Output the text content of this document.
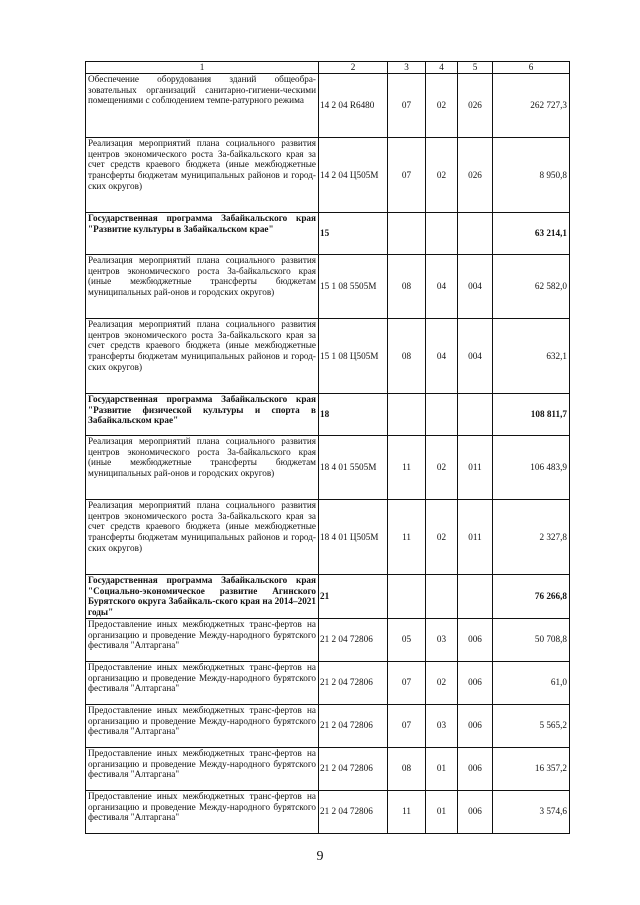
1	2	3	4	5	6
Обеспечение оборудования зданий общеобра-зовательных организаций санитарно-гигиени-ческими помещениями с соблюдением темпе-ратурного режима	14 2 04 R6480	07	02	026	262 727,3
Реализация мероприятий плана социального развития центров экономического роста За-байкальского края за счет средств краевого бюджета (иные межбюджетные трансферты бюджетам муниципальных районов и город-ских округов)	14 2 04 Ц505М	07	02	026	8 950,8
Государственная программа Забайкальского края "Развитие культуры в Забайкальском крае"	15				63 214,1
Реализация мероприятий плана социального развития центров экономического роста За-байкальского края (иные межбюджетные трансферты бюджетам муниципальных рай-онов и городских округов)	15 1 08 5505М	08	04	004	62 582,0
Реализация мероприятий плана социального развития центров экономического роста За-байкальского края за счет средств краевого бюджета (иные межбюджетные трансферты бюджетам муниципальных районов и город-ских округов)	15 1 08 Ц505М	08	04	004	632,1
Государственная программа Забайкальского края "Развитие физической культуры и спорта в Забайкальском крае"	18				108 811,7
Реализация мероприятий плана социального развития центров экономического роста За-байкальского края (иные межбюджетные трансферты бюджетам муниципальных рай-онов и городских округов)	18 4 01 5505М	11	02	011	106 483,9
Реализация мероприятий плана социального развития центров экономического роста За-байкальского края за счет средств краевого бюджета (иные межбюджетные трансферты бюджетам муниципальных районов и город-ских округов)	18 4 01 Ц505М	11	02	011	2 327,8
Государственная программа Забайкальского края "Социально-экономическое развитие Агинского Бурятского округа Забайкаль-ского края на 2014–2021 годы"	21				76 266,8
Предоставление иных межбюджетных транс-фертов на организацию и проведение Между-народного бурятского фестиваля "Алтаргана"	21 2 04 72806	05	03	006	50 708,8
Предоставление иных межбюджетных транс-фертов на организацию и проведение Между-народного бурятского фестиваля "Алтаргана"	21 2 04 72806	07	02	006	61,0
Предоставление иных межбюджетных транс-фертов на организацию и проведение Между-народного бурятского фестиваля "Алтаргана"	21 2 04 72806	07	03	006	5 565,2
Предоставление иных межбюджетных транс-фертов на организацию и проведение Между-народного бурятского фестиваля "Алтаргана"	21 2 04 72806	08	01	006	16 357,2
Предоставление иных межбюджетных транс-фертов на организацию и проведение Между-народного бурятского фестиваля "Алтаргана"	21 2 04 72806	11	01	006	3 574,6
9
